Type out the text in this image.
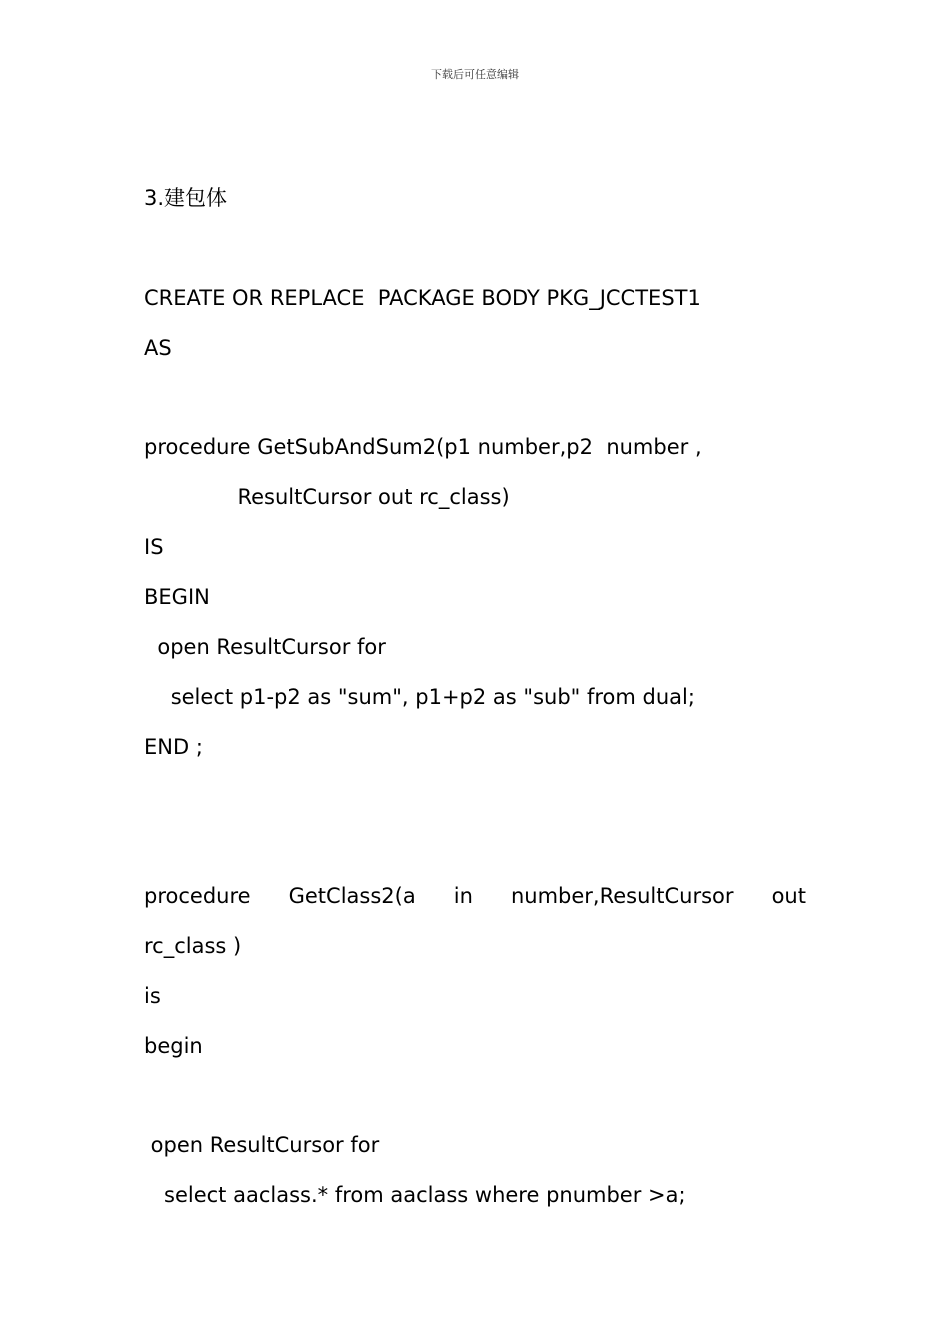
下载后可任意编辑
3.建包体
CREATE OR REPLACE  PACKAGE BODY PKG_JCCTEST1
AS
procedure GetSubAndSum2(p1 number,p2  number ,
ResultCursor out rc_class)
IS
BEGIN
open ResultCursor for
select p1-p2 as "sum", p1+p2 as "sub" from dual;
END ;
procedure GetClass2(a in number,ResultCursor out
rc_class )
is
begin
open ResultCursor for
select aaclass.* from aaclass where pnumber >a;
